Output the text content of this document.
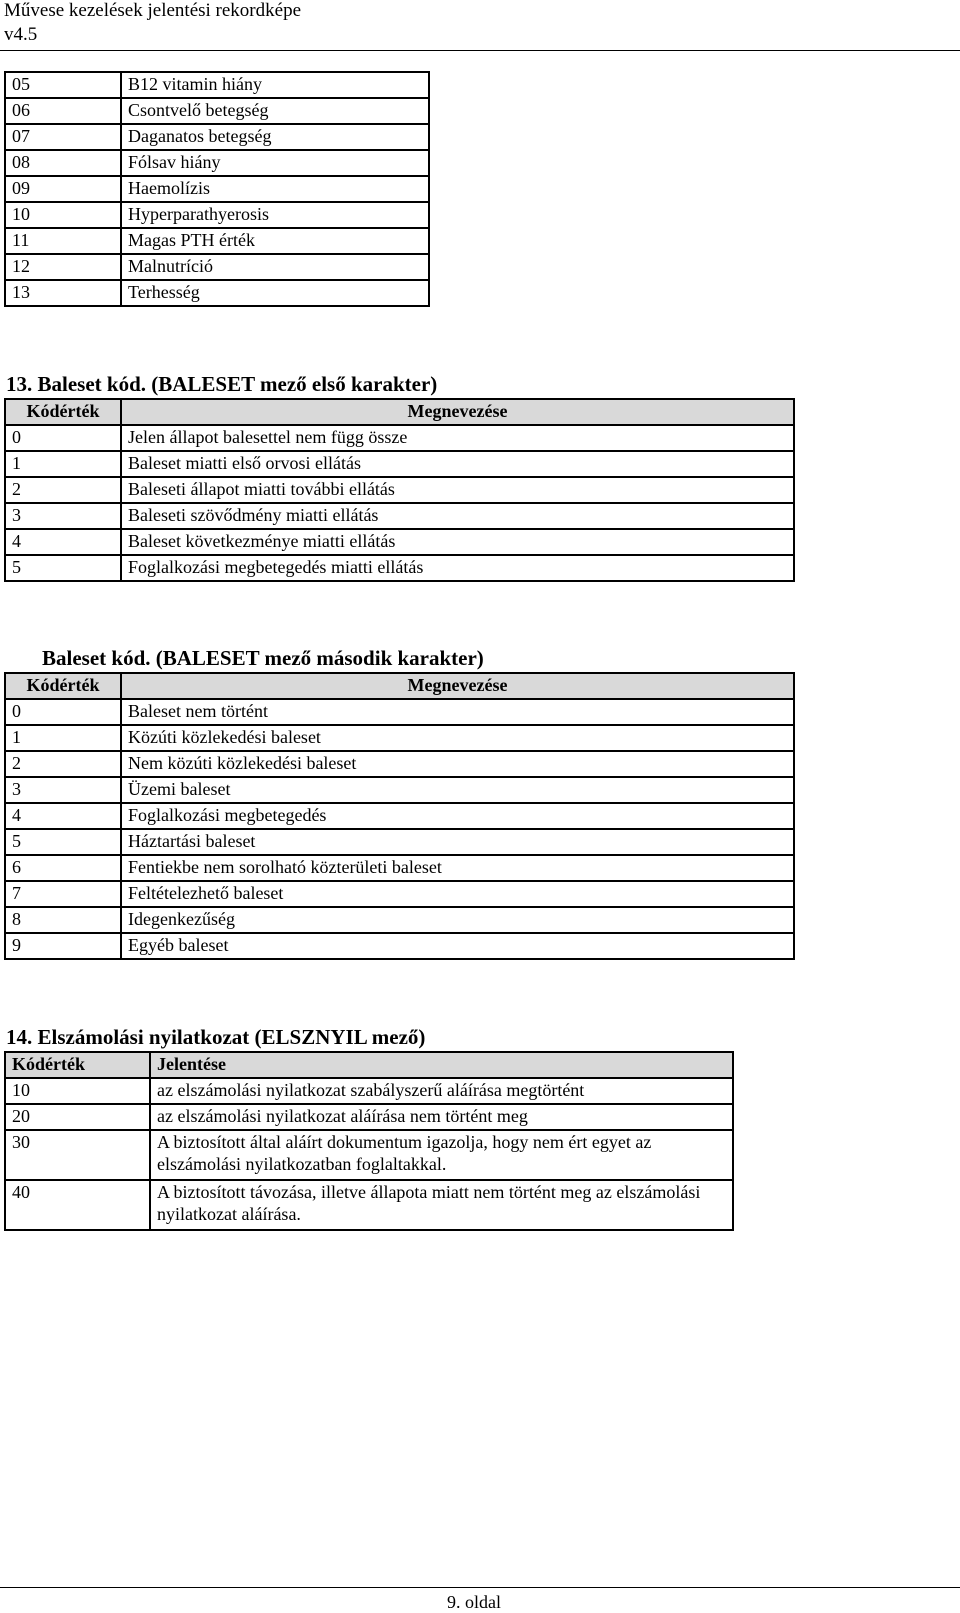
Művese kezelések jelentési rekordképe
v4.5
05	B12 vitamin hiány
06	Csontvelő betegség
07	Daganatos betegség
08	Fólsav hiány
09	Haemolízis
10	Hyperparathyerosis
11	Magas PTH érték
12	Malnutríció
13	Terhesség
13. Baleset kód. (BALESET mező első karakter)
Kódérték	Megnevezése
0	Jelen állapot balesettel nem függ össze
1	Baleset miatti első orvosi ellátás
2	Baleseti állapot miatti további ellátás
3	Baleseti szövődmény miatti ellátás
4	Baleset következménye miatti ellátás
5	Foglalkozási megbetegedés miatti ellátás
Baleset kód. (BALESET mező második karakter)
Kódérték	Megnevezése
0	Baleset nem történt
1	Közúti közlekedési baleset
2	Nem közúti közlekedési baleset
3	Üzemi baleset
4	Foglalkozási megbetegedés
5	Háztartási baleset
6	Fentiekbe nem sorolható közterületi baleset
7	Feltételezhető baleset
8	Idegenkezűség
9	Egyéb baleset
14. Elszámolási nyilatkozat (ELSZNYIL mező)
Kódérték	Jelentése
10	az elszámolási nyilatkozat szabályszerű aláírása megtörtént
20	az elszámolási nyilatkozat aláírása nem történt meg
30	A biztosított által aláírt dokumentum igazolja, hogy nem ért egyet az elszámolási nyilatkozatban foglaltakkal.
40	A biztosított távozása, illetve állapota miatt nem történt meg az elszámolási nyilatkozat aláírása.
9. oldal
